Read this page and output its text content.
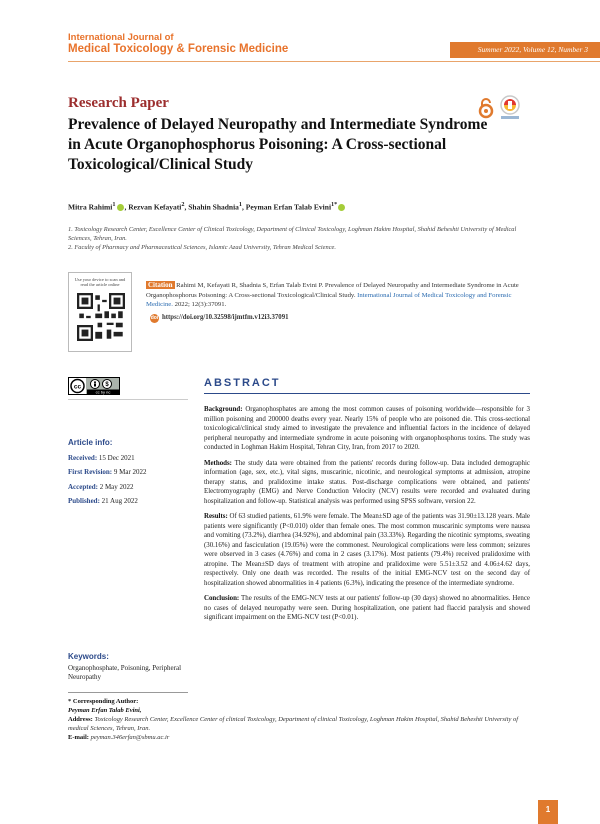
International Journal of
Medical Toxicology & Forensic Medicine	Summer 2022, Volume 12, Number 3
Research Paper
Prevalence of Delayed Neuropathy and Intermediate Syndrome in Acute Organophosphorus Poisoning: A Cross-sectional Toxicological/Clinical Study
Mitra Rahimi$^1$ , Rezvan Kefayati$^2$, Shahin Shadnia$^1$, Peyman Erfan Talab Evini$^{1*}$

1. Toxicology Research Center, Excellence Center of Clinical Toxicology, Department of Clinical Toxicology, Loghman Hakim Hospital, Shahid Beheshti University of Medical Sciences, Tehran, Iran.

2. Faculty of Pharmacy and Pharmaceutical Sciences, Islamic Azad University, Tehran Medical Science.

Use your device to scan and read the article online	Citation Rahimi M, Kefayati R, Shadnia S, Erfan Talab Evini P. Prevalence of Delayed Neuropathy and Intermediate Syndrome in Acute Organophosphorus Poisoning: A Cross-sectional Toxicological/Clinical Study. International Journal of Medical Toxicology and Forensic Medicine. 2022; 12(3):37091.
doi https://doi.org/10.32598/ijmtfm.v12i3.37091
cc	$
cc by nc
ABSTRACT

Background: Organophosphates are among the most common causes of poisoning worldwide—responsible for 3 million poisoning and 200000 deaths every year. Nearly 15% of people who are poisoned die. This cross-sectional toxicological/clinical study aimed to investigate the prevalence and influential factors in the incidence of delayed peripheral neuropathy and intermediate syndrome in acute poisoning with organophosphorus toxins. The study was conducted in Loghman Hakim Hospital, Tehran City, Iran, from 2017 to 2020.

Methods: The study data were obtained from the patients' records during follow-up. Data included demographic information (age, sex, etc.), vital signs, muscarinic, nicotinic, and neurological symptoms at admission, atropine therapy status, and pralidoxime intake status. Post-discharge complications were obtained, and patients' Electromyography (EMG) and Nerve Conduction Velocity (NCV) results were recorded and evaluated during hospitalization and follow-up. Statistical analysis was performed using SPSS software, version 22.

Results: Of 63 studied patients, 61.9% were female. The Mean±SD age of the patients was 31.90±13.128 years. Male patients were significantly (P<0.010) older than female ones. The most common muscarinic symptoms were nausea and vomiting (73.2%), diarrhea (34.92%), and abdominal pain (33.33%). Regarding the nicotinic symptoms, sweating (30.16%) and fasciculation (19.05%) were the commonest. Neurological complications were less common; seizures were observed in 3 cases (4.76%) and coma in 2 cases (3.17%). Most patients (79.4%) received pralidoxime with atropine. The Mean±SD days of treatment with atropine and pralidoxime were 5.51±3.52 and 4.06±4.62 days, respectively. Only one death was recorded. The results of the initial EMG-NCV test on the second day of hospitalization showed abnormalities in 4 patients (6.3%), indicating the presence of the intermediate syndrome.

Conclusion: The results of the EMG-NCV tests at our patients' follow-up (30 days) showed no abnormalities. Hence no cases of delayed neuropathy were seen. During hospitalization, one patient had flaccid paralysis and showed significant impairment on the EMG-NCV test (P<0.01).

Article info:
Received: 15 Dec 2021
First Revision: 9 Mar 2022
Accepted: 2 May 2022
Published: 21 Aug 2022
Keywords:
Organophosphate, Poisoning, Peripheral Neuropathy
* Corresponding Author:
Peyman Erfan Talab Evini,
Address: Toxicology Research Center, Excellence Center of clinical Toxicology, Department of clinical Toxicology, Loghman Hakim Hospital, Shahid Beheshti University of medical Sciences, Tehran, Iran.
E-mail: peyman.346erfan@sbmu.ac.ir
1
